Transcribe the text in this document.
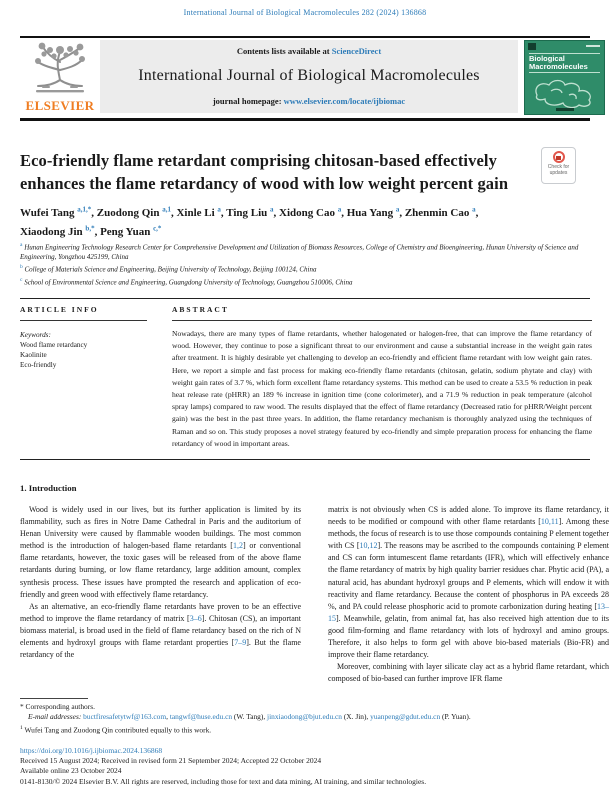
International Journal of Biological Macromolecules 282 (2024) 136868
ELSEVIER
Contents lists available at ScienceDirect
International Journal of Biological Macromolecules
journal homepage: www.elsevier.com/locate/ijbiomac
Biological
Macromolecules
Check for updates
Eco-friendly flame retardant comprising chitosan-based effectively enhances the flame retardancy of wood with low weight percent gain
Wufei Tang $^{a,1,*}$, Zuodong Qin $^{a,1}$, Xinle Li $^a$, Ting Liu $^a$, Xidong Cao $^a$, Hua Yang $^a$, Zhenmin Cao $^a$, Xiaodong Jin $^{b,*}$, Peng Yuan $^{c,*}$
$^a$ Hunan Engineering Technology Research Center for Comprehensive Development and Utilization of Biomass Resources, College of Chemistry and Bioengineering, Hunan University of Science and Engineering, Yongzhou 425199, China
$^b$ College of Materials Science and Engineering, Beijing University of Technology, Beijing 100124, China
$^c$ School of Environmental Science and Engineering, Guangdong University of Technology, Guangzhou 510006, China
ARTICLE INFO
Keywords:
Wood flame retardancy
Kaolinite
Eco-friendly
ABSTRACT
Nowadays, there are many types of flame retardants, whether halogenated or halogen-free, that can improve the flame retardancy of wood. However, they continue to pose a significant threat to our environment and cause a substantial increase in the weight gain rates after treatment. It is highly desirable yet challenging to develop an eco-friendly and efficient flame retardant with low weight gain rates. Here, we report a simple and fast process for making eco-friendly flame retardants (chitosan, gelatin, sodium phytate and clay) with weight gain rates of 3.7 %, which form excellent flame retardancy systems. This method can be used to create a 53.5 % reduction in peak heat release rate (pHRR) an 189 % increase in ignition time (cone colorimeter), and a 71.9 % reduction in peak temperature (alcohol spray lamps) compared to raw wood. The results displayed that the effect of flame retardancy (Decreased ratio for pHRR/Weight percent gain) was the best in the past three years. In addition, the flame retardancy mechanism is thoroughly analyzed using the techniques of Raman and so on. This study proposes a novel strategy featured by eco-friendly and simple preparation process for enhancing the flame retardancy of wood in important areas.
1. Introduction

Wood is widely used in our lives, but its further application is limited by its flammability, such as fires in Notre Dame Cathedral in Paris and the auditorium of Henan University were caused by flammable wooden buildings. The most common method is the introduction of halogen-based flame retardants [1,2] or conventional flame retardants, however, the toxic gases will be released from of the above flame retardants during burning, or low flame retardancy, large addition amount, complex synthesis process. These issues have prompted the research and application of eco-friendly and green wood with effectively flame retardancy.

As an alternative, an eco-friendly flame retardants have proven to be an effective method to improve the flame retardancy of matrix [3–6]. Chitosan (CS), an important biomass material, is broad used in the field of flame retardancy based on the rich of N elements and hydroxyl groups with flame retardant properties [7–9]. But the flame retardancy of the

matrix is not obviously when CS is added alone. To improve its flame retardancy, it needs to be modified or compound with other flame retardants [10,11]. Among these methods, the focus of research is to use those compounds containing P element together with CS [10,12]. The reasons may be ascribed to the compounds containing P element and CS can form intumescent flame retardants (IFR), which will effectively enhance the flame retardancy of matrix by high quality barrier residues char. Phytic acid (PA), a natural acid, has abundant hydroxyl groups and P elements, which will endow it with reactivity and flame retardancy. Because the content of phosphorus in PA exceeds 28 %, and PA could release phosphoric acid to promote carbonization during heating [13–15]. Meanwhile, gelatin, from animal fat, has also received high attention due to its good film-forming and flame retardancy with lots of hydroxyl and amino groups. Therefore, it also helps to form gel with above bio-based materials (Bio-FR) and improve their flame retardancy.

Moreover, combining with layer silicate clay act as a hybrid flame retardant, which composed of bio-based can further improve IFR flame

* Corresponding authors.
E-mail addresses: buctfiresafetytwf@163.com, tangwf@huse.edu.cn (W. Tang), jinxiaodong@bjut.edu.cn (X. Jin), yuanpeng@gdut.edu.cn (P. Yuan).
$^1$ Wufei Tang and Zuodong Qin contributed equally to this work.
https://doi.org/10.1016/j.ijbiomac.2024.136868
Received 15 August 2024; Received in revised form 21 September 2024; Accepted 22 October 2024
Available online 23 October 2024
0141-8130/© 2024 Elsevier B.V. All rights are reserved, including those for text and data mining, AI training, and similar technologies.
